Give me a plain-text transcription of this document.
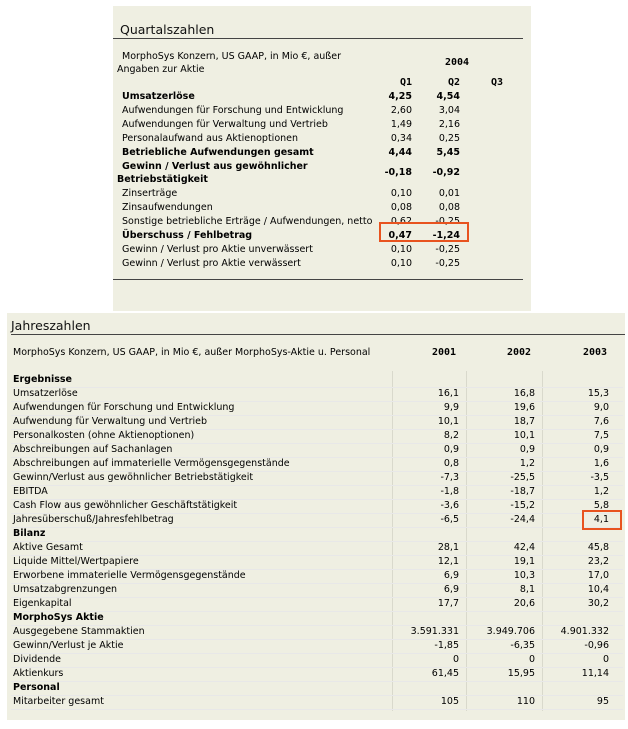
Quartalszahlen
MorphoSys Konzern, US GAAP, in Mio €, außer
Angaben zur Aktie
2004
Q1	Q2	Q3
Umsatzerlöse	4,25	4,54
Aufwendungen für Forschung und Entwicklung	2,60	3,04
Aufwendungen für Verwaltung und Vertrieb	1,49	2,16
Personalaufwand aus Aktienoptionen	0,34	0,25
Betriebliche Aufwendungen gesamt	4,44	5,45
Gewinn / Verlust aus gewöhnlicher
Betriebstätigkeit
-0,18	-0,92
Zinserträge	0,10	0,01
Zinsaufwendungen	0,08	0,08
Sonstige betriebliche Erträge / Aufwendungen, netto	0,62	-0,25
Überschuss / Fehlbetrag	0,47	-1,24
Gewinn / Verlust pro Aktie unverwässert	0,10	-0,25
Gewinn / Verlust pro Aktie verwässert	0,10	-0,25
Jahreszahlen
MorphoSys Konzern, US GAAP, in Mio €, außer MorphoSys-Aktie u. Personal	2001	2002	2003
Ergebnisse
Umsatzerlöse	16,1	16,8	15,3
Aufwendungen für Forschung und Entwicklung	9,9	19,6	9,0
Aufwendung für Verwaltung und Vertrieb	10,1	18,7	7,6
Personalkosten (ohne Aktienoptionen)	8,2	10,1	7,5
Abschreibungen auf Sachanlagen	0,9	0,9	0,9
Abschreibungen auf immaterielle Vermögensgegenstände	0,8	1,2	1,6
Gewinn/Verlust aus gewöhnlicher Betriebstätigkeit	-7,3	-25,5	-3,5
EBITDA	-1,8	-18,7	1,2
Cash Flow aus gewöhnlicher Geschäftstätigkeit	-3,6	-15,2	5,8
Jahresüberschuß/Jahresfehlbetrag	-6,5	-24,4	4,1
Bilanz
Aktive Gesamt	28,1	42,4	45,8
Liquide Mittel/Wertpapiere	12,1	19,1	23,2
Erworbene immaterielle Vermögensgegenstände	6,9	10,3	17,0
Umsatzabgrenzungen	6,9	8,1	10,4
Eigenkapital	17,7	20,6	30,2
MorphoSys Aktie
Ausgegebene Stammaktien	3.591.331	3.949.706	4.901.332
Gewinn/Verlust je Aktie	-1,85	-6,35	-0,96
Dividende	0	0	0
Aktienkurs	61,45	15,95	11,14
Personal
Mitarbeiter gesamt	105	110	95
